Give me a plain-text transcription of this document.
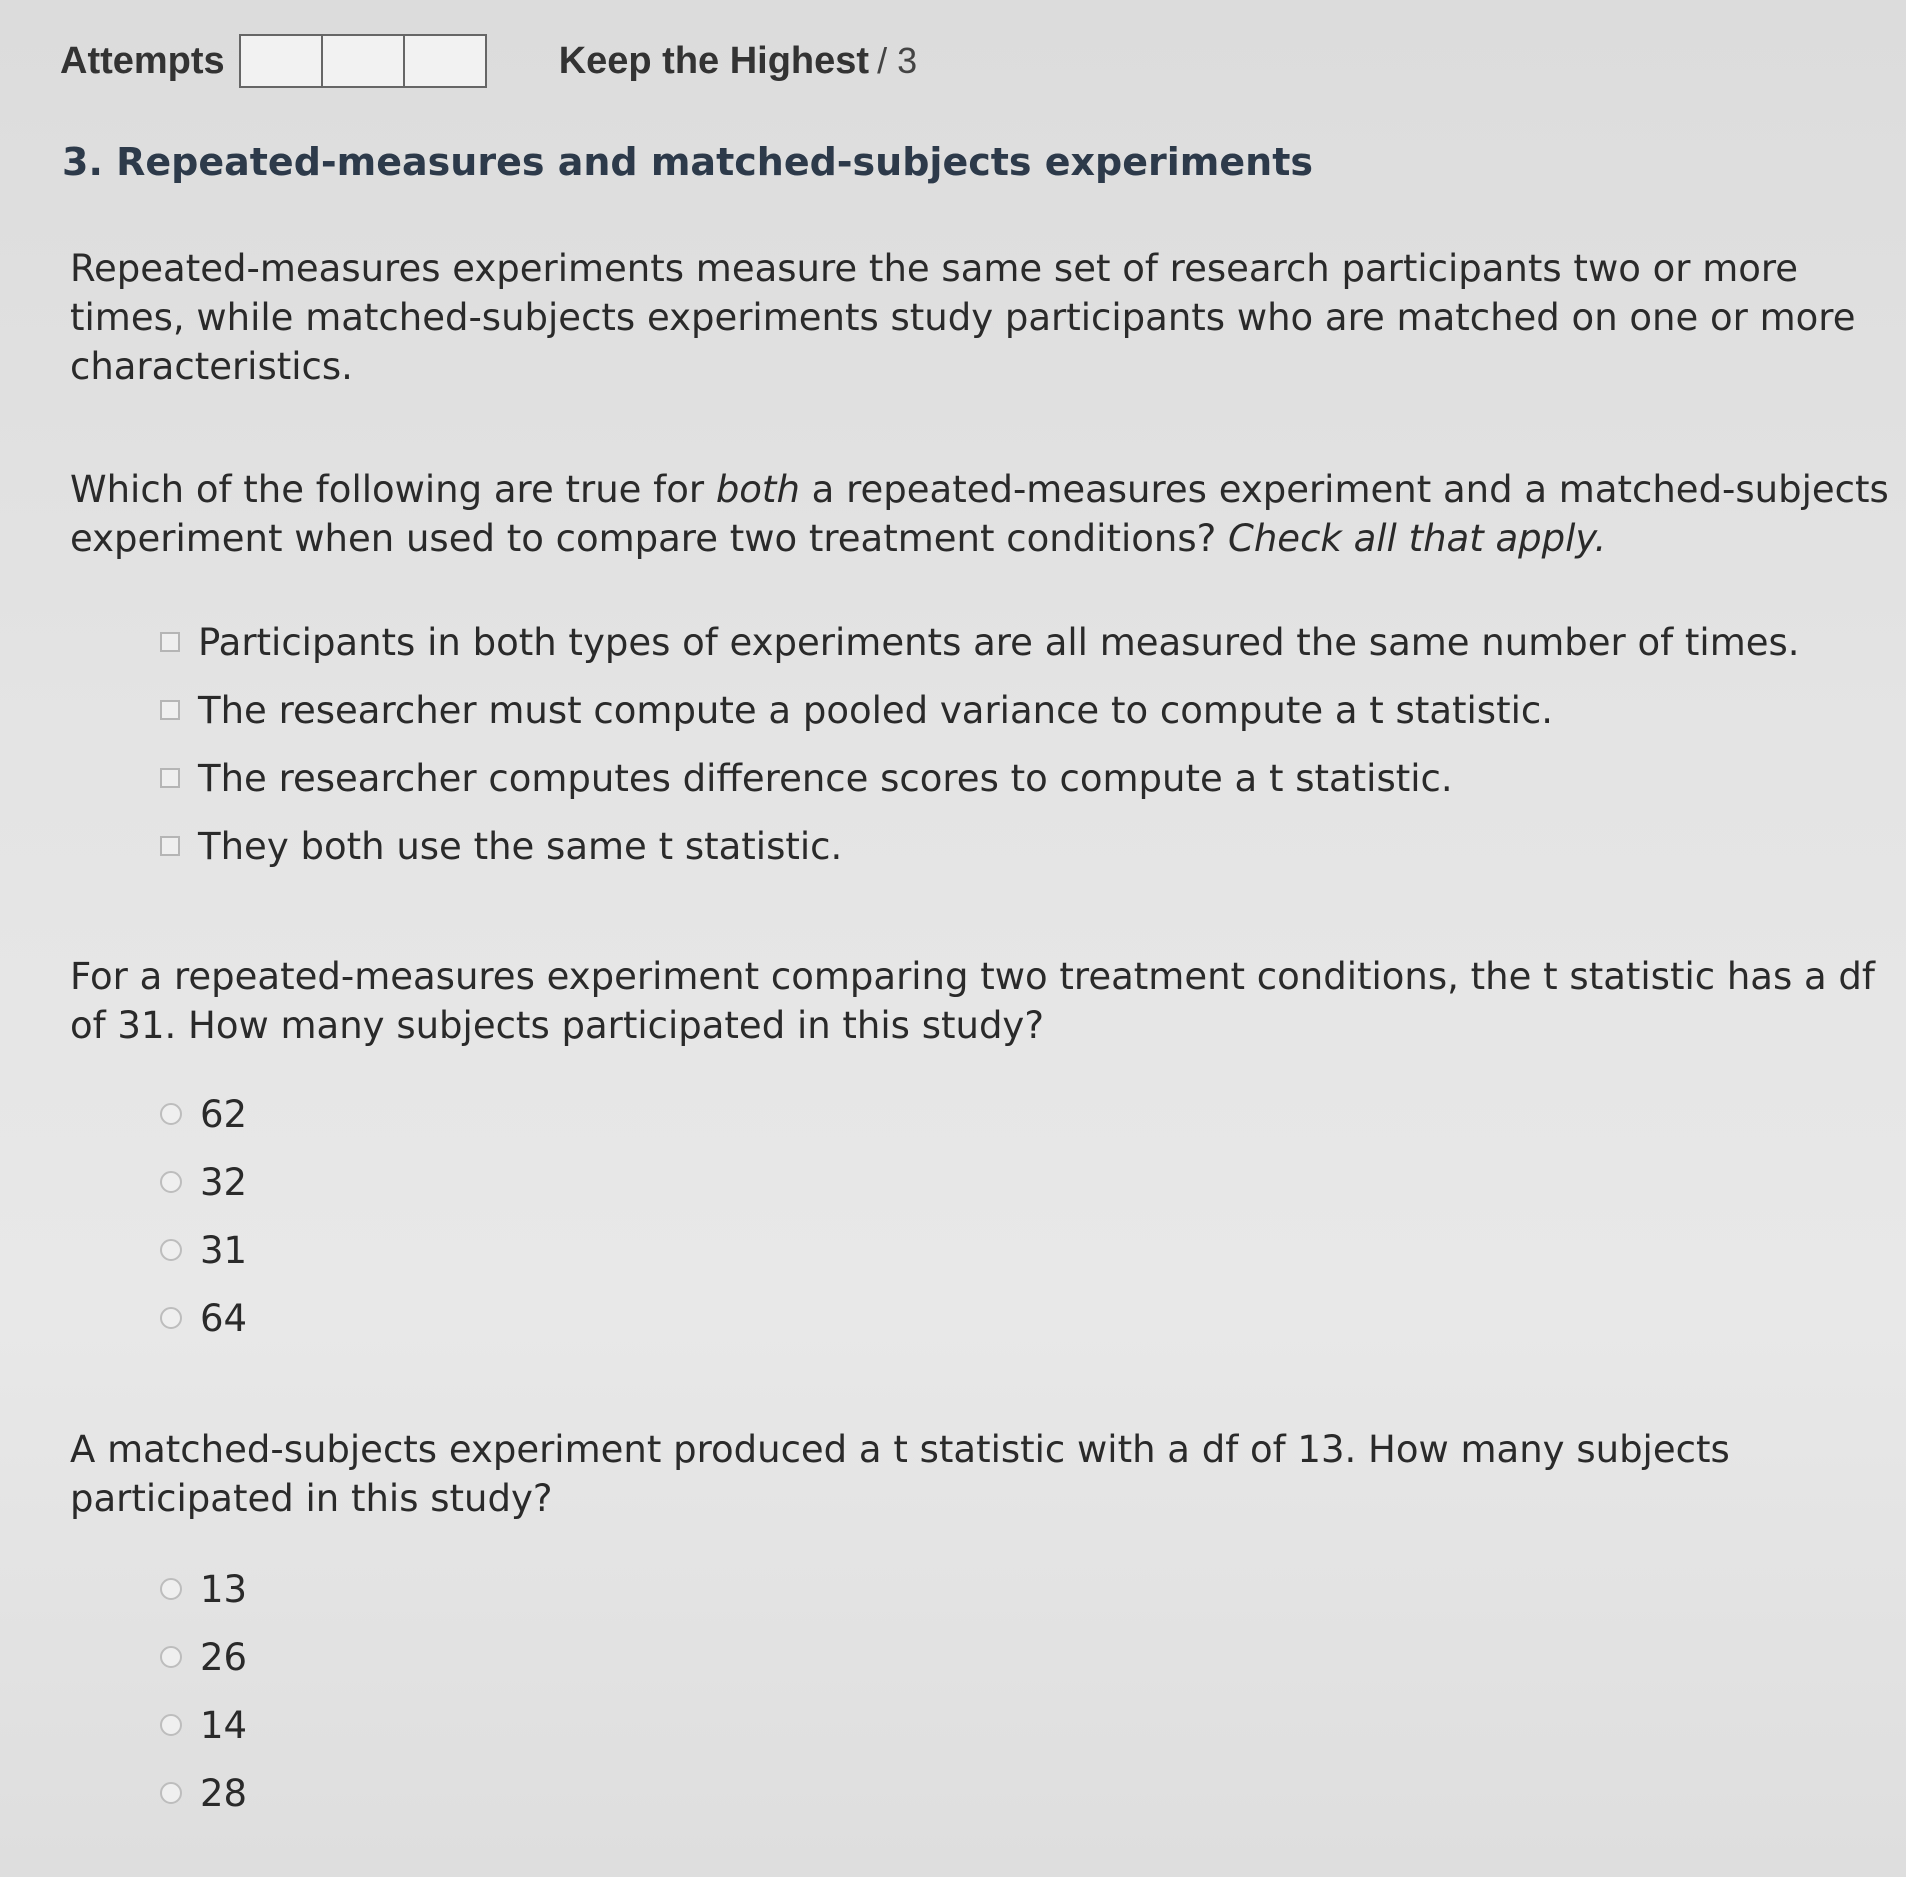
Attempts	Keep the Highest / 3
3. Repeated-measures and matched-subjects experiments
Repeated-measures experiments measure the same set of research participants two or more times, while matched-subjects experiments study participants who are matched on one or more characteristics.
Which of the following are true for both a repeated-measures experiment and a matched-subjects experiment when used to compare two treatment conditions? Check all that apply.
Participants in both types of experiments are all measured the same number of times.
The researcher must compute a pooled variance to compute a t statistic.
The researcher computes difference scores to compute a t statistic.
They both use the same t statistic.
For a repeated-measures experiment comparing two treatment conditions, the t statistic has a df of 31. How many subjects participated in this study?
62
32
31
64
A matched-subjects experiment produced a t statistic with a df of 13. How many subjects participated in this study?
13
26
14
28
